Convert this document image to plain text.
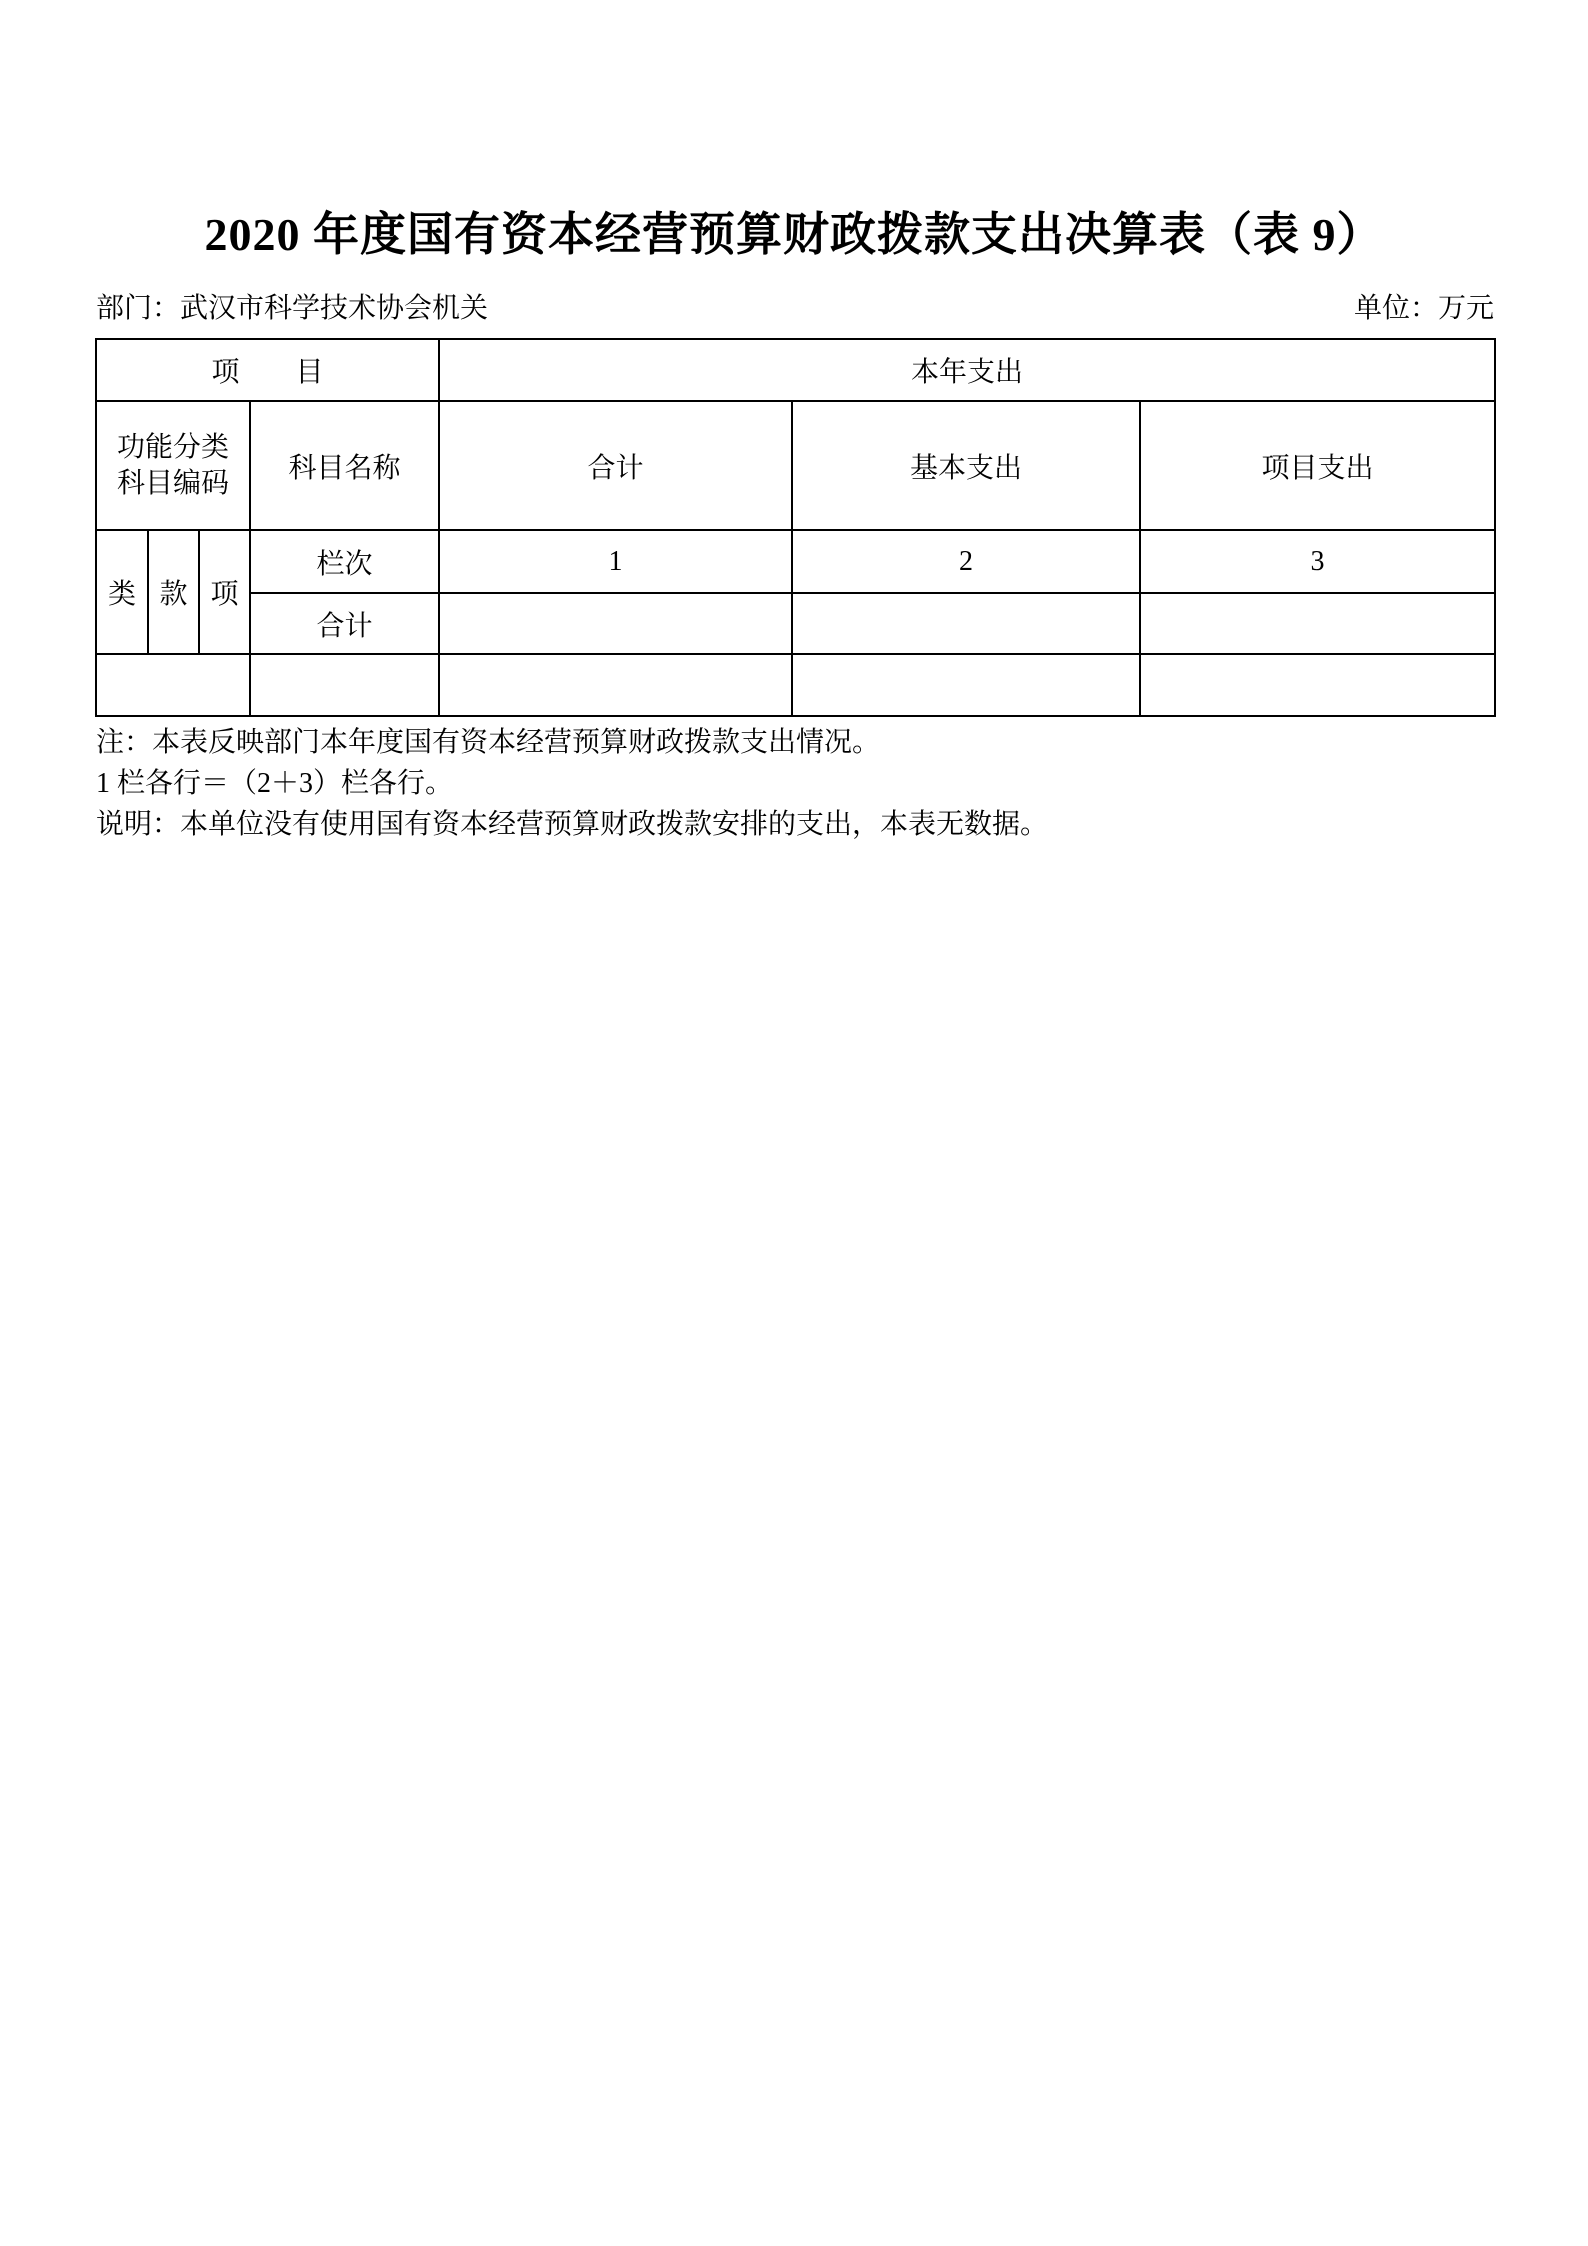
2020 年度国有资本经营预算财政拨款支出决算表（表 9）
部门：武汉市科学技术协会机关	单位：万元
项　　目				本年支出		

功能分类
科目编码			科目名称	合计	基本支出	项目支出
类	款	项	栏次	1	2	3
			合计			

注：本表反映部门本年度国有资本经营预算财政拨款支出情况。

1 栏各行＝（2＋3）栏各行。

说明：本单位没有使用国有资本经营预算财政拨款安排的支出，本表无数据。
